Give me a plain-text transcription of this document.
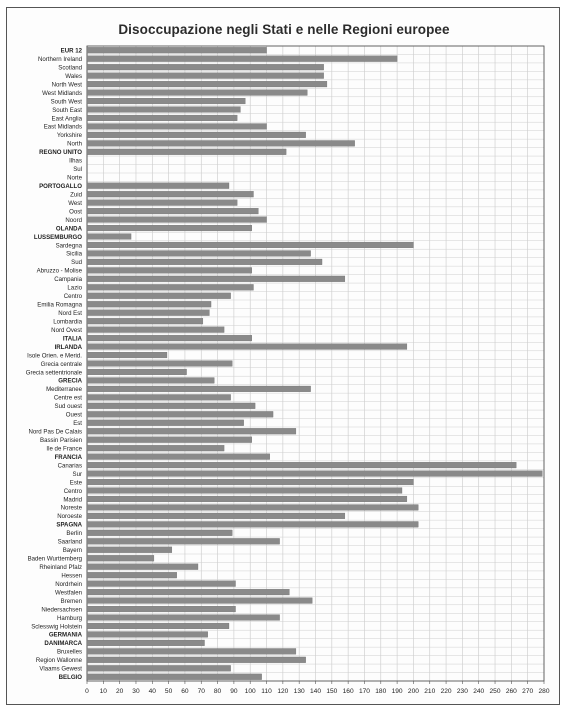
Disoccupazione negli Stati e nelle Regioni europee
EUR 12
Northern Ireland
Scotland
Wales
North West
West Midlands
South West
South East
East Anglia
East Midlands
Yorkshire
North
REGNO UNITO
Ilhas
Sul
Norte
PORTOGALLO
Zuid
West
Oost
Noord
OLANDA
LUSSEMBURGO
Sardegna
Sicilia
Sud
Abruzzo - Molise
Campania
Lazio
Centro
Emilia Romagna
Nord Est
Lombardia
Nord Ovest
ITALIA
IRLANDA
Isole Orien. e Merid.
Grecia centrale
Grecia settentrionale
GRECIA
Mediterranee
Centre est
Sud ouest
Ouest
Est
Nord Pas De Calais
Bassin Parisien
Ile de France
FRANCIA
Canarias
Sur
Este
Centro
Madrid
Noreste
Noroeste
SPAGNA
Berlin
Saarland
Bayern
Baden Wurttemberg
Rheinland Pfalz
Hessen
Nordrhein
Westfalen
Bremen
Niedersachsen
Hamburg
Sclesswig Holstein
GERMANIA
DANIMARCA
Bruxelles
Region Wallonne
Vlaams Gewest
BELGIO
0 10 20 30 40 50 60 70 80 90 100 110 120 130 140 150 160 170 180 190 200 210 220 230 240 250 260 270 280
